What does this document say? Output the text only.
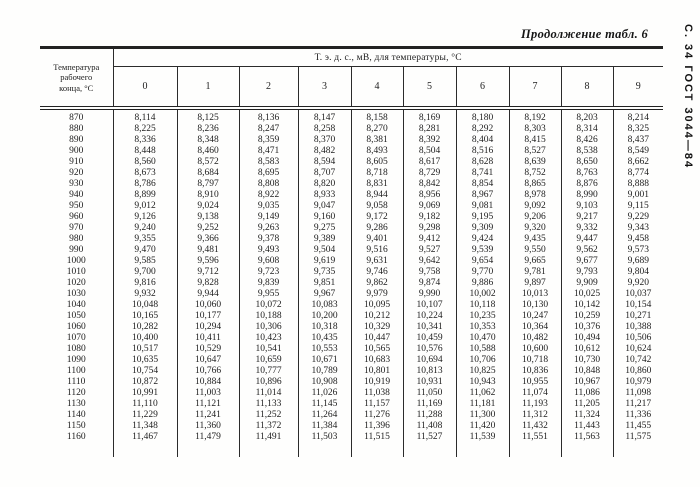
Продолжение табл. 6	С. 34 ГОСТ 3044—84
Температура
рабочего
конца, °С	Т. э. д. с., мВ, для температуры, °С									
	0	1	2	3	4	5	6	7	8	9
870	8,114	8,125	8,136	8,147	8,158	8,169	8,180	8,192	8,203	8,214
880	8,225	8,236	8,247	8,258	8,270	8,281	8,292	8,303	8,314	8,325
890	8,336	8,348	8,359	8,370	8,381	8,392	8,404	8,415	8,426	8,437
900	8,448	8,460	8,471	8,482	8,493	8,504	8,516	8,527	8,538	8,549
910	8,560	8,572	8,583	8,594	8,605	8,617	8,628	8,639	8,650	8,662
920	8,673	8,684	8,695	8,707	8,718	8,729	8,741	8,752	8,763	8,774
930	8,786	8,797	8,808	8,820	8,831	8,842	8,854	8,865	8,876	8,888
940	8,899	8,910	8,922	8,933	8,944	8,956	8,967	8,978	8,990	9,001
950	9,012	9,024	9,035	9,047	9,058	9,069	9,081	9,092	9,103	9,115
960	9,126	9,138	9,149	9,160	9,172	9,182	9,195	9,206	9,217	9,229
970	9,240	9,252	9,263	9,275	9,286	9,298	9,309	9,320	9,332	9,343
980	9,355	9,366	9,378	9,389	9,401	9,412	9,424	9,435	9,447	9,458
990	9,470	9,481	9,493	9,504	9,516	9,527	9,539	9,550	9,562	9,573
1000	9,585	9,596	9,608	9,619	9,631	9,642	9,654	9,665	9,677	9,689
1010	9,700	9,712	9,723	9,735	9,746	9,758	9,770	9,781	9,793	9,804
1020	9,816	9,828	9,839	9,851	9,862	9,874	9,886	9,897	9,909	9,920
1030	9,932	9,944	9,955	9,967	9,979	9,990	10,002	10,013	10,025	10,037
1040	10,048	10,060	10,072	10,083	10,095	10,107	10,118	10,130	10,142	10,154
1050	10,165	10,177	10,188	10,200	10,212	10,224	10,235	10,247	10,259	10,271
1060	10,282	10,294	10,306	10,318	10,329	10,341	10,353	10,364	10,376	10,388
1070	10,400	10,411	10,423	10,435	10,447	10,459	10,470	10,482	10,494	10,506
1080	10,517	10,529	10,541	10,553	10,565	10,576	10,588	10,600	10,612	10,624
1090	10,635	10,647	10,659	10,671	10,683	10,694	10,706	10,718	10,730	10,742
1100	10,754	10,766	10,777	10,789	10,801	10,813	10,825	10,836	10,848	10,860
1110	10,872	10,884	10,896	10,908	10,919	10,931	10,943	10,955	10,967	10,979
1120	10,991	11,003	11,014	11,026	11,038	11,050	11,062	11,074	11,086	11,098
1130	11,110	11,121	11,133	11,145	11,157	11,169	11,181	11,193	11,205	11,217
1140	11,229	11,241	11,252	11,264	11,276	11,288	11,300	11,312	11,324	11,336
1150	11,348	11,360	11,372	11,384	11,396	11,408	11,420	11,432	11,443	11,455
1160	11,467	11,479	11,491	11,503	11,515	11,527	11,539	11,551	11,563	11,575
